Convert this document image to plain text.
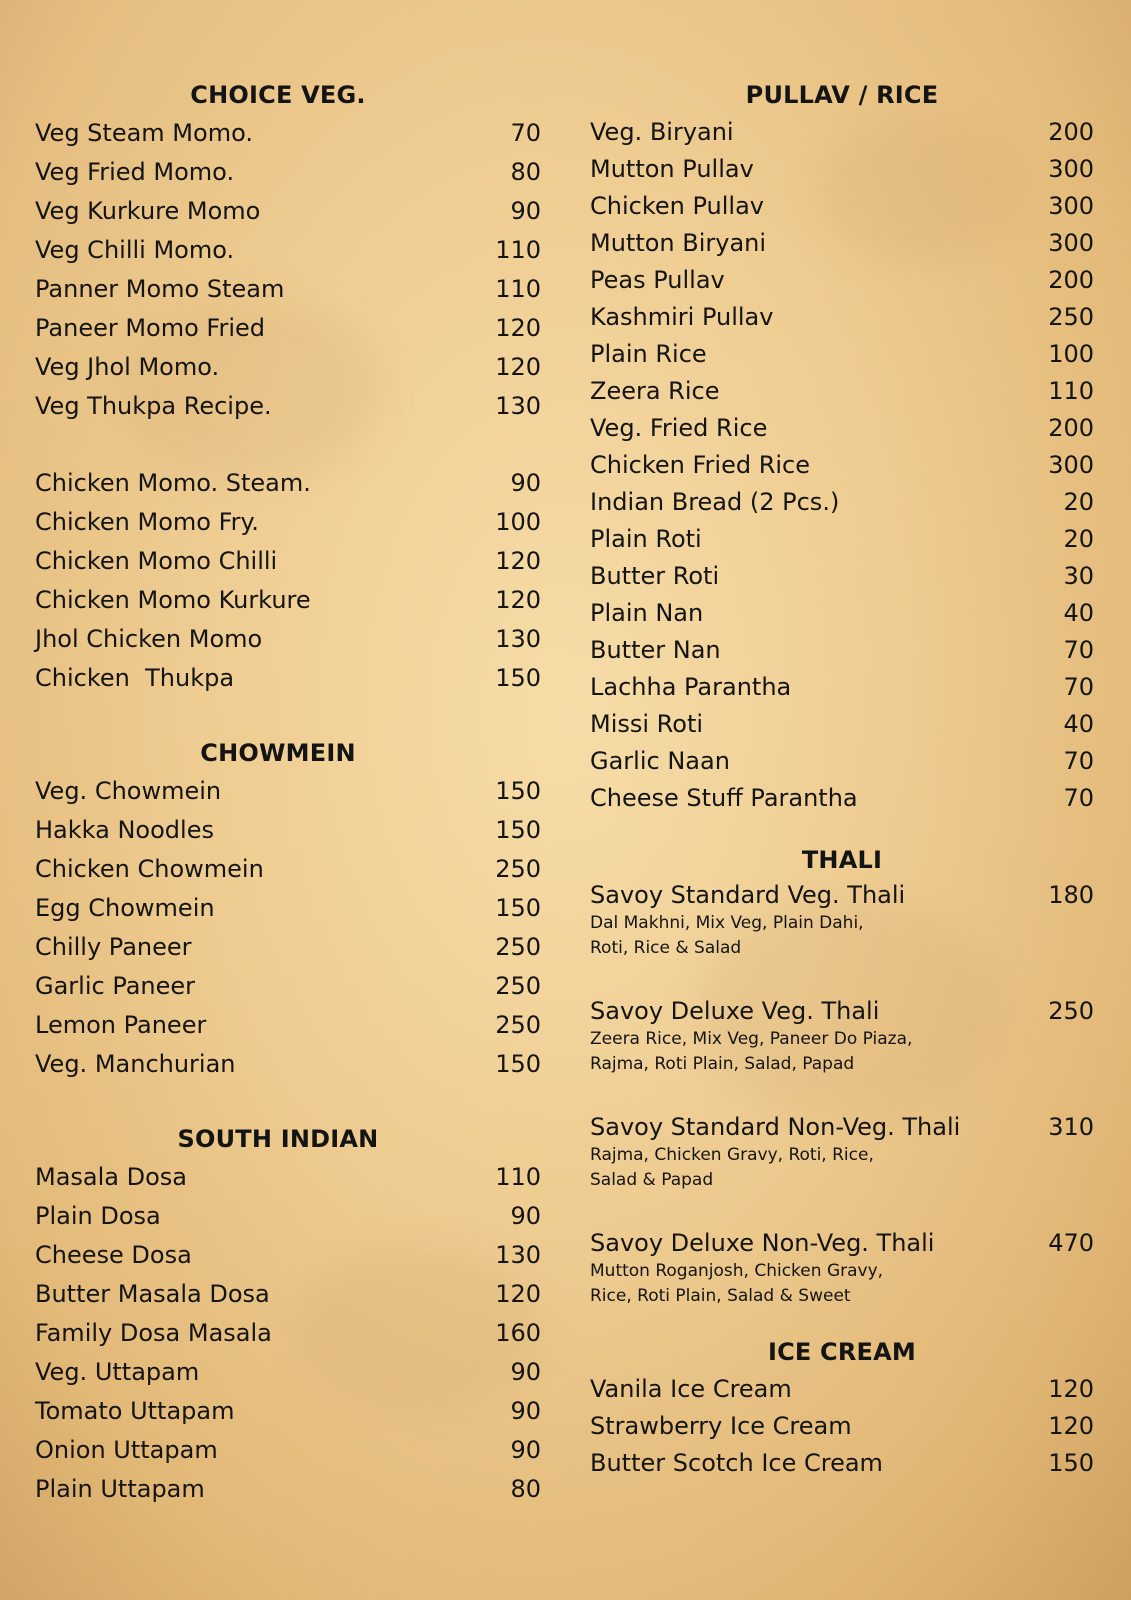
CHOICE VEG.
Veg Steam Momo.	70
Veg Fried Momo.	80
Veg Kurkure Momo	90
Veg Chilli Momo.	110
Panner Momo Steam	110
Paneer Momo Fried	120
Veg Jhol Momo.	120
Veg Thukpa Recipe.	130
Chicken Momo. Steam.	90
Chicken Momo Fry.	100
Chicken Momo Chilli	120
Chicken Momo Kurkure	120
Jhol Chicken Momo	130
Chicken  Thukpa	150
CHOWMEIN
Veg. Chowmein	150
Hakka Noodles	150
Chicken Chowmein	250
Egg Chowmein	150
Chilly Paneer	250
Garlic Paneer	250
Lemon Paneer	250
Veg. Manchurian	150
SOUTH INDIAN
Masala Dosa	110
Plain Dosa	90
Cheese Dosa	130
Butter Masala Dosa	120
Family Dosa Masala	160
Veg. Uttapam	90
Tomato Uttapam	90
Onion Uttapam	90
Plain Uttapam	80
PULLAV / RICE
Veg. Biryani	200
Mutton Pullav	300
Chicken Pullav	300
Mutton Biryani	300
Peas Pullav	200
Kashmiri Pullav	250
Plain Rice	100
Zeera Rice	110
Veg. Fried Rice	200
Chicken Fried Rice	300
Indian Bread (2 Pcs.)	20
Plain Roti	20
Butter Roti	30
Plain Nan	40
Butter Nan	70
Lachha Parantha	70
Missi Roti	40
Garlic Naan	70
Cheese Stuff Parantha	70
THALI
Savoy Standard Veg. Thali	180
Dal Makhni, Mix Veg, Plain Dahi,
Roti, Rice & Salad
Savoy Deluxe Veg. Thali	250
Zeera Rice, Mix Veg, Paneer Do Piaza,
Rajma, Roti Plain, Salad, Papad
Savoy Standard Non-Veg. Thali	310
Rajma, Chicken Gravy, Roti, Rice,
Salad & Papad
Savoy Deluxe Non-Veg. Thali	470
Mutton Roganjosh, Chicken Gravy,
Rice, Roti Plain, Salad & Sweet
ICE CREAM
Vanila Ice Cream	120
Strawberry Ice Cream	120
Butter Scotch Ice Cream	150
